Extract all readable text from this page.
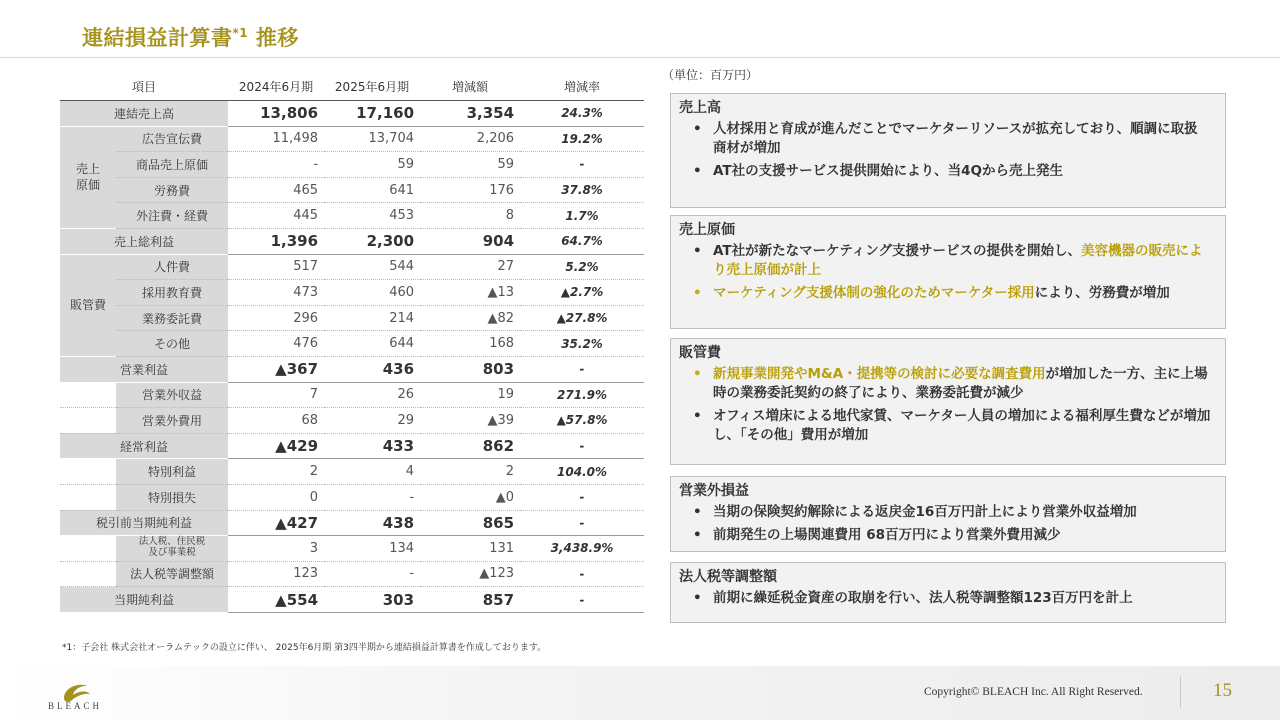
連結損益計算書$^{*1}$ 推移
（単位：百万円）
項目		2024年6月期	2025年6月期	増減額	増減率
連結売上高		13,806	17,160	3,354	24.3%
売上
原価	広告宣伝費	11,498	13,704	2,206	19.2%

	商品売上原価	-	59	59	-

	労務費	465	641	176	37.8%

	外注費・経費	445	453	8	1.7%
売上総利益		1,396	2,300	904	64.7%
販管費	人件費	517	544	27	5.2%

	採用教育費	473	460	▲13	▲2.7%

	業務委託費	296	214	▲82	▲27.8%

	その他	476	644	168	35.2%
営業利益		▲367	436	803	-

	営業外収益	7	26	19	271.9%

	営業外費用	68	29	▲39	▲57.8%
経常利益		▲429	433	862	-

	特別利益	2	4	2	104.0%

	特別損失	0	-	▲0	-
税引前当期純利益		▲427	438	865	-

	法人税、住民税
及び事業税	3	134	131	3,438.9%

	法人税等調整額	123	-	▲123	-
当期純利益		▲554	303	857	-
*1：子会社 株式会社オーラムテックの設立に伴い、 2025年6月期 第3四半期から連結損益計算書を作成しております。
売上高
• 人材採用と育成が進んだことでマーケターリソースが拡充しており、順調に取扱商材が増加
• AT社の支援サービス提供開始により、当4Qから売上発生
売上原価
• AT社が新たなマーケティング支援サービスの提供を開始し、美容機器の販売により売上原価が計上
• マーケティング支援体制の強化のためマーケター採用により、労務費が増加
販管費
• 新規事業開発やM&A・提携等の検討に必要な調査費用が増加した一方、主に上場時の業務委託契約の終了により、業務委託費が減少
• オフィス増床による地代家賃、マーケター人員の増加による福利厚生費などが増加し、「その他」費用が増加
営業外損益
• 当期の保険契約解除による返戻金16百万円計上により営業外収益増加
• 前期発生の上場関連費用 68百万円により営業外費用減少
法人税等調整額
• 前期に繰延税金資産の取崩を行い、法人税等調整額123百万円を計上
BLEACH
Copyright© BLEACH Inc. All Right Reserved.	15
